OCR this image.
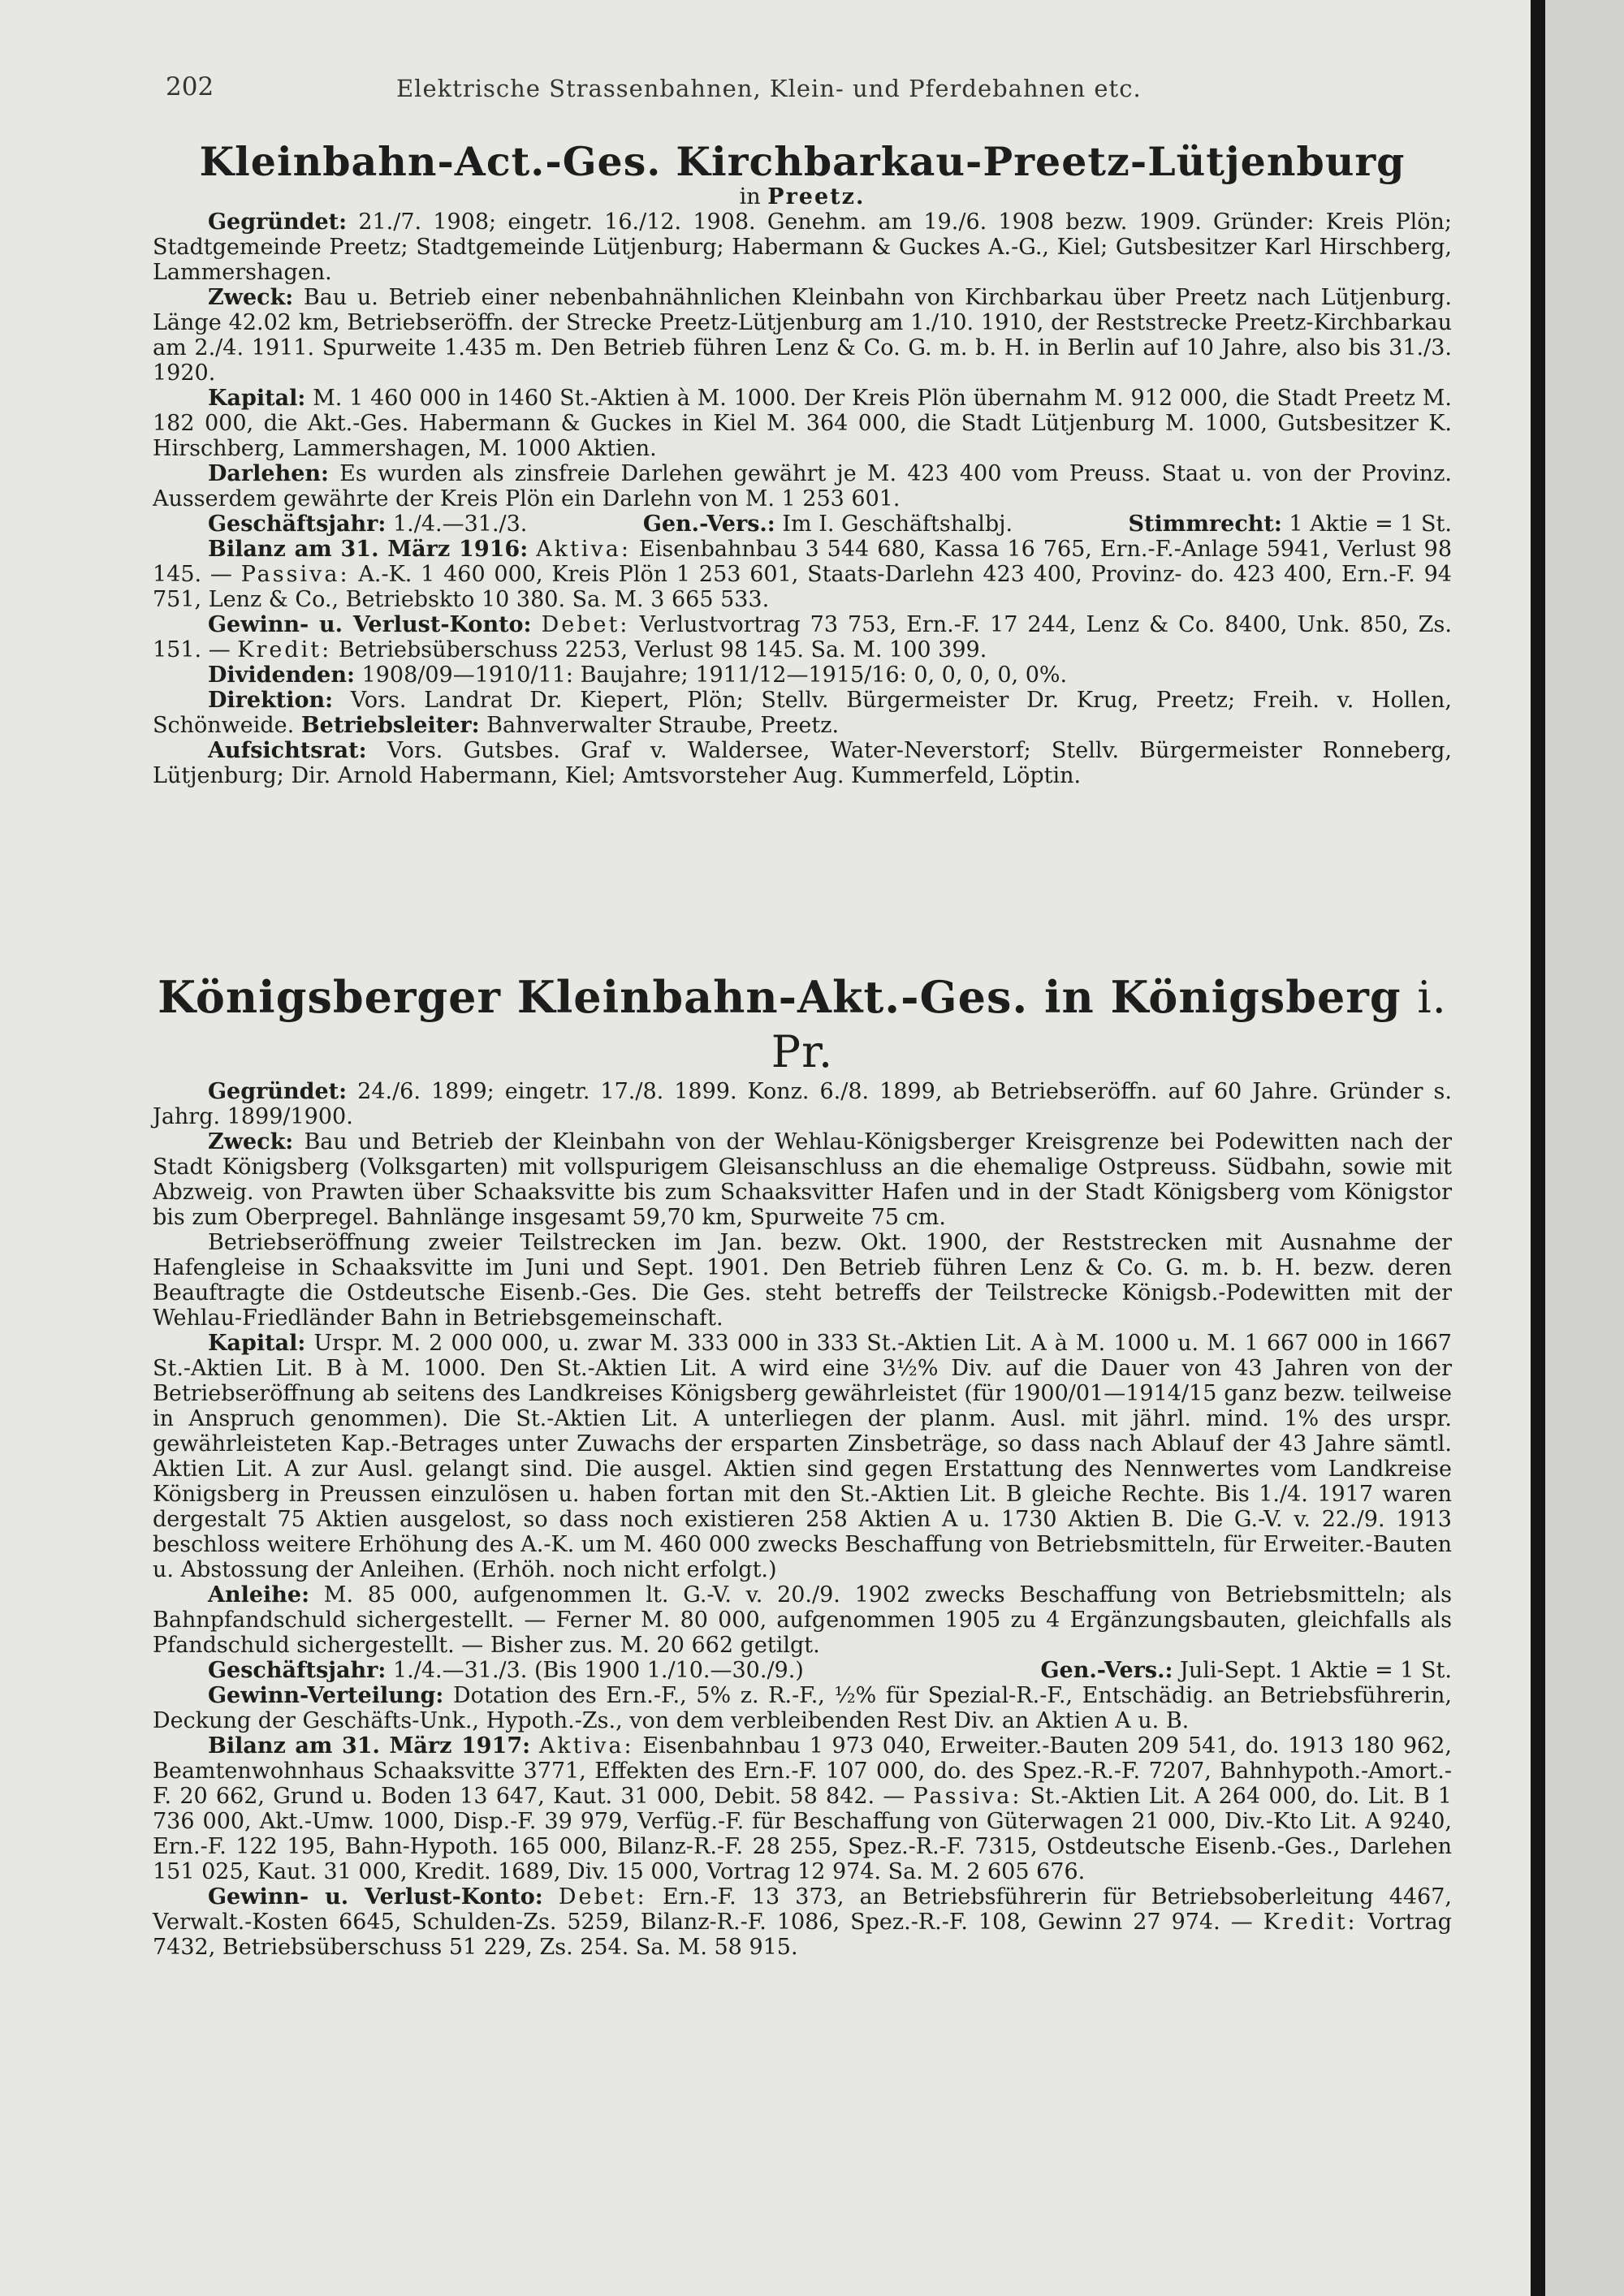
202	Elektrische Strassenbahnen, Klein- und Pferdebahnen etc.
Kleinbahn-Act.-Ges. Kirchbarkau-Preetz-Lütjenburg
in Preetz.

Gegründet: 21./7. 1908; eingetr. 16./12. 1908. Genehm. am 19./6. 1908 bezw. 1909. Gründer: Kreis Plön; Stadtgemeinde Preetz; Stadtgemeinde Lütjenburg; Habermann & Guckes A.-G., Kiel; Gutsbesitzer Karl Hirschberg, Lammershagen.

Zweck: Bau u. Betrieb einer nebenbahnähnlichen Kleinbahn von Kirchbarkau über Preetz nach Lütjenburg. Länge 42.02 km, Betriebseröffn. der Strecke Preetz-Lütjenburg am 1./10. 1910, der Reststrecke Preetz-Kirchbarkau am 2./4. 1911. Spurweite 1.435 m. Den Betrieb führen Lenz & Co. G. m. b. H. in Berlin auf 10 Jahre, also bis 31./3. 1920.

Kapital: M. 1 460 000 in 1460 St.-Aktien à M. 1000. Der Kreis Plön übernahm M. 912 000, die Stadt Preetz M. 182 000, die Akt.-Ges. Habermann & Guckes in Kiel M. 364 000, die Stadt Lütjenburg M. 1000, Gutsbesitzer K. Hirschberg, Lammershagen, M. 1000 Aktien.

Darlehen: Es wurden als zinsfreie Darlehen gewährt je M. 423 400 vom Preuss. Staat u. von der Provinz. Ausserdem gewährte der Kreis Plön ein Darlehn von M. 1 253 601.

Geschäftsjahr: 1./4.—31./3.	Gen.-Vers.: Im I. Geschäftshalbj.	Stimmrecht: 1 Aktie = 1 St.

Bilanz am 31. März 1916: Aktiva: Eisenbahnbau 3 544 680, Kassa 16 765, Ern.-F.-Anlage 5941, Verlust 98 145. — Passiva: A.-K. 1 460 000, Kreis Plön 1 253 601, Staats-Darlehn 423 400, Provinz- do. 423 400, Ern.-F. 94 751, Lenz & Co., Betriebskto 10 380. Sa. M. 3 665 533.

Gewinn- u. Verlust-Konto: Debet: Verlustvortrag 73 753, Ern.-F. 17 244, Lenz & Co. 8400, Unk. 850, Zs. 151. — Kredit: Betriebsüberschuss 2253, Verlust 98 145. Sa. M. 100 399.

Dividenden: 1908/09—1910/11: Baujahre; 1911/12—1915/16: 0, 0, 0, 0, 0%.

Direktion: Vors. Landrat Dr. Kiepert, Plön; Stellv. Bürgermeister Dr. Krug, Preetz; Freih. v. Hollen, Schönweide. Betriebsleiter: Bahnverwalter Straube, Preetz.

Aufsichtsrat: Vors. Gutsbes. Graf v. Waldersee, Water-Neverstorf; Stellv. Bürgermeister Ronneberg, Lütjenburg; Dir. Arnold Habermann, Kiel; Amtsvorsteher Aug. Kummerfeld, Löptin.

Königsberger Kleinbahn-Akt.-Ges. in Königsberg i. Pr.

Gegründet: 24./6. 1899; eingetr. 17./8. 1899. Konz. 6./8. 1899, ab Betriebseröffn. auf 60 Jahre. Gründer s. Jahrg. 1899/1900.

Zweck: Bau und Betrieb der Kleinbahn von der Wehlau-Königsberger Kreisgrenze bei Podewitten nach der Stadt Königsberg (Volksgarten) mit vollspurigem Gleisanschluss an die ehemalige Ostpreuss. Südbahn, sowie mit Abzweig. von Prawten über Schaaksvitte bis zum Schaaksvitter Hafen und in der Stadt Königsberg vom Königstor bis zum Oberpregel. Bahnlänge insgesamt 59,70 km, Spurweite 75 cm.

Betriebseröffnung zweier Teilstrecken im Jan. bezw. Okt. 1900, der Reststrecken mit Ausnahme der Hafengleise in Schaaksvitte im Juni und Sept. 1901. Den Betrieb führen Lenz & Co. G. m. b. H. bezw. deren Beauftragte die Ostdeutsche Eisenb.-Ges. Die Ges. steht betreffs der Teilstrecke Königsb.-Podewitten mit der Wehlau-Friedländer Bahn in Betriebsgemeinschaft.

Kapital: Urspr. M. 2 000 000, u. zwar M. 333 000 in 333 St.-Aktien Lit. A à M. 1000 u. M. 1 667 000 in 1667 St.-Aktien Lit. B à M. 1000. Den St.-Aktien Lit. A wird eine 3½% Div. auf die Dauer von 43 Jahren von der Betriebseröffnung ab seitens des Landkreises Königsberg gewährleistet (für 1900/01—1914/15 ganz bezw. teilweise in Anspruch genommen). Die St.-Aktien Lit. A unterliegen der planm. Ausl. mit jährl. mind. 1% des urspr. gewährleisteten Kap.-Betrages unter Zuwachs der ersparten Zinsbeträge, so dass nach Ablauf der 43 Jahre sämtl. Aktien Lit. A zur Ausl. gelangt sind. Die ausgel. Aktien sind gegen Erstattung des Nennwertes vom Landkreise Königsberg in Preussen einzulösen u. haben fortan mit den St.-Aktien Lit. B gleiche Rechte. Bis 1./4. 1917 waren dergestalt 75 Aktien ausgelost, so dass noch existieren 258 Aktien A u. 1730 Aktien B. Die G.-V. v. 22./9. 1913 beschloss weitere Erhöhung des A.-K. um M. 460 000 zwecks Beschaffung von Betriebsmitteln, für Erweiter.-Bauten u. Abstossung der Anleihen. (Erhöh. noch nicht erfolgt.)

Anleihe: M. 85 000, aufgenommen lt. G.-V. v. 20./9. 1902 zwecks Beschaffung von Betriebsmitteln; als Bahnpfandschuld sichergestellt. — Ferner M. 80 000, aufgenommen 1905 zu 4 Ergänzungsbauten, gleichfalls als Pfandschuld sichergestellt. — Bisher zus. M. 20 662 getilgt.

Geschäftsjahr: 1./4.—31./3. (Bis 1900 1./10.—30./9.)	Gen.-Vers.: Juli-Sept. 1 Aktie = 1 St.

Gewinn-Verteilung: Dotation des Ern.-F., 5% z. R.-F., ½% für Spezial-R.-F., Entschädig. an Betriebsführerin, Deckung der Geschäfts-Unk., Hypoth.-Zs., von dem verbleibenden Rest Div. an Aktien A u. B.

Bilanz am 31. März 1917: Aktiva: Eisenbahnbau 1 973 040, Erweiter.-Bauten 209 541, do. 1913 180 962, Beamtenwohnhaus Schaaksvitte 3771, Effekten des Ern.-F. 107 000, do. des Spez.-R.-F. 7207, Bahnhypoth.-Amort.-F. 20 662, Grund u. Boden 13 647, Kaut. 31 000, Debit. 58 842. — Passiva: St.-Aktien Lit. A 264 000, do. Lit. B 1 736 000, Akt.-Umw. 1000, Disp.-F. 39 979, Verfüg.-F. für Beschaffung von Güterwagen 21 000, Div.-Kto Lit. A 9240, Ern.-F. 122 195, Bahn-Hypoth. 165 000, Bilanz-R.-F. 28 255, Spez.-R.-F. 7315, Ostdeutsche Eisenb.-Ges., Darlehen 151 025, Kaut. 31 000, Kredit. 1689, Div. 15 000, Vortrag 12 974. Sa. M. 2 605 676.

Gewinn- u. Verlust-Konto: Debet: Ern.-F. 13 373, an Betriebsführerin für Betriebsoberleitung 4467, Verwalt.-Kosten 6645, Schulden-Zs. 5259, Bilanz-R.-F. 1086, Spez.-R.-F. 108, Gewinn 27 974. — Kredit: Vortrag 7432, Betriebsüberschuss 51 229, Zs. 254. Sa. M. 58 915.
